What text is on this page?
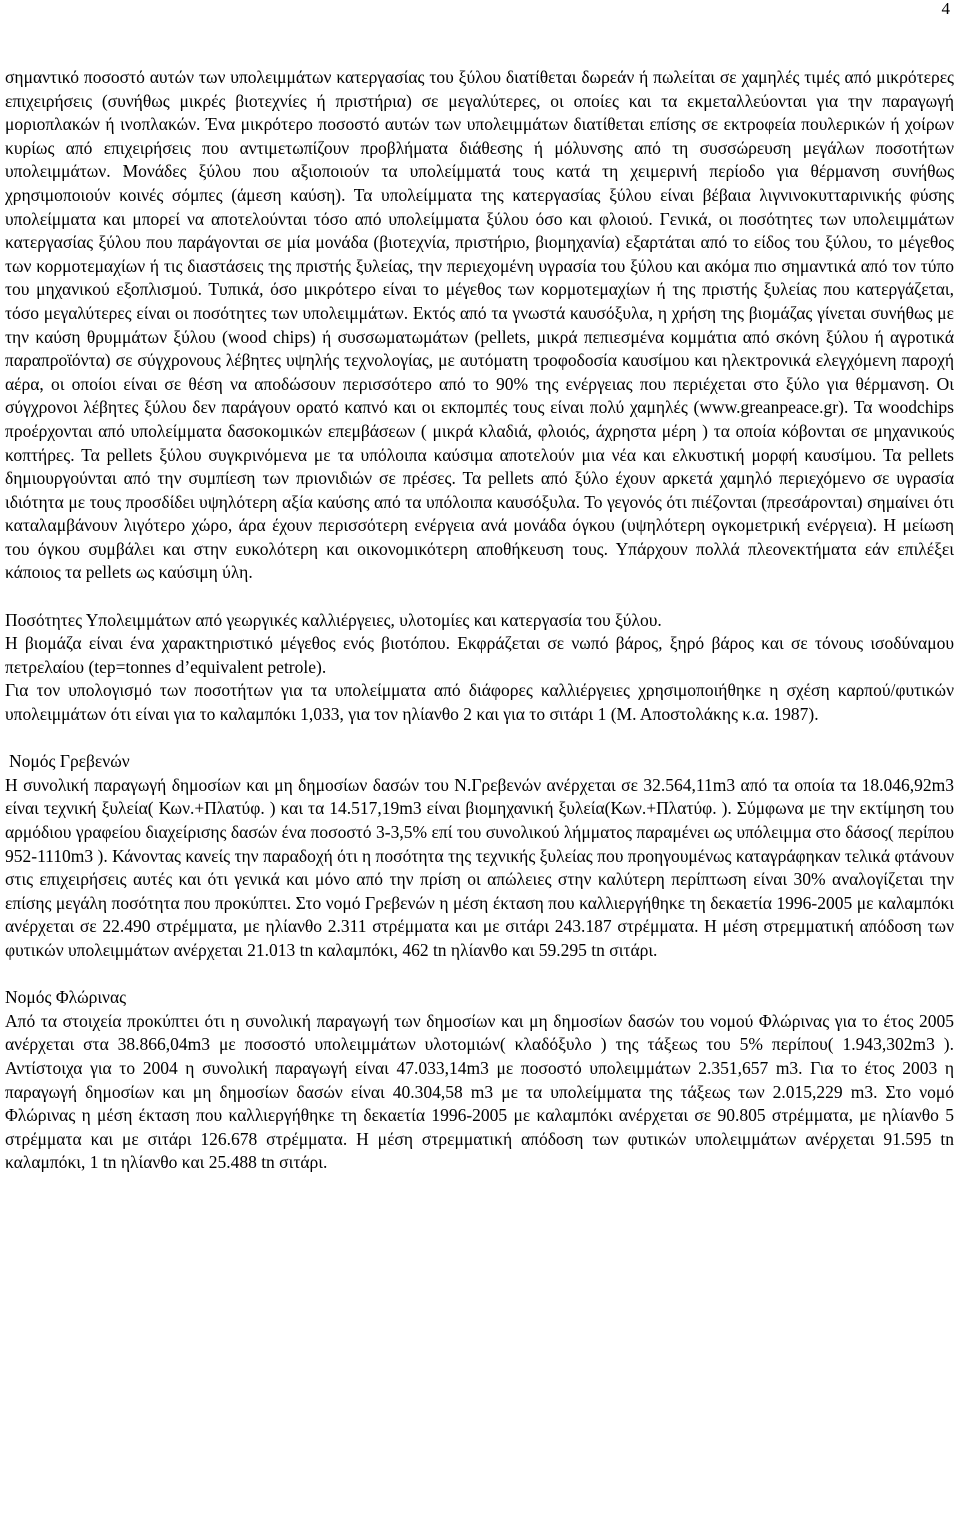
4

σημαντικό ποσοστό αυτών των υπολειμμάτων κατεργασίας του ξύλου διατίθεται δωρεάν ή πωλείται σε χαμηλές τιμές από μικρότερες επιχειρήσεις (συνήθως μικρές βιοτεχνίες ή πριστήρια) σε μεγαλύτερες, οι οποίες και τα εκμεταλλεύονται για την παραγωγή μοριοπλακών ή ινοπλακών. Ένα μικρότερο ποσοστό αυτών των υπολειμμάτων διατίθεται επίσης σε εκτροφεία πουλερικών ή χοίρων κυρίως από επιχειρήσεις που αντιμετωπίζουν προβλήματα διάθεσης ή μόλυνσης από τη συσσώρευση μεγάλων ποσοτήτων υπολειμμάτων. Μονάδες ξύλου που αξιοποιούν τα υπολείμματά τους κατά τη χειμερινή περίοδο για θέρμανση συνήθως χρησιμοποιούν κοινές σόμπες (άμεση καύση). Τα υπολείμματα της κατεργασίας ξύλου είναι βέβαια λιγνινοκυτταρινικής φύσης υπολείμματα και μπορεί να αποτελούνται τόσο από υπολείμματα ξύλου όσο και φλοιού. Γενικά, οι ποσότητες των υπολειμμάτων κατεργασίας ξύλου που παράγονται σε μία μονάδα (βιοτεχνία, πριστήριο, βιομηχανία) εξαρτάται από το είδος του ξύλου, το μέγεθος των κορμοτεμαχίων ή τις διαστάσεις της πριστής ξυλείας, την περιεχομένη υγρασία του ξύλου και ακόμα πιο σημαντικά από τον τύπο του μηχανικού εξοπλισμού. Τυπικά, όσο μικρότερο είναι το μέγεθος των κορμοτεμαχίων ή της πριστής ξυλείας που κατεργάζεται, τόσο μεγαλύτερες είναι οι ποσότητες των υπολειμμάτων. Εκτός από τα γνωστά καυσόξυλα, η χρήση της βιομάζας γίνεται συνήθως με την καύση θρυμμάτων ξύλου (wood chips) ή συσσωματωμάτων (pellets, μικρά πεπιεσμένα κομμάτια από σκόνη ξύλου ή αγροτικά παραπροϊόντα) σε σύγχρονους λέβητες υψηλής τεχνολογίας, με αυτόματη τροφοδοσία καυσίμου και ηλεκτρονικά ελεγχόμενη παροχή αέρα, οι οποίοι είναι σε θέση να αποδώσουν περισσότερο από το 90% της ενέργειας που περιέχεται στο ξύλο για θέρμανση. Οι σύγχρονοι λέβητες ξύλου δεν παράγουν ορατό καπνό και οι εκπομπές τους είναι πολύ χαμηλές (www.greanpeace.gr). Τα woodchips προέρχονται από υπολείμματα δασοκομικών επεμβάσεων ( μικρά κλαδιά, φλοιός, άχρηστα μέρη ) τα οποία κόβονται σε μηχανικούς κοπτήρες. Τα pellets ξύλου συγκρινόμενα με τα υπόλοιπα καύσιμα αποτελούν μια νέα και ελκυστική μορφή καυσίμου. Τα pellets δημιουργούνται από την συμπίεση των πριονιδιών σε πρέσες. Τα pellets από ξύλο έχουν αρκετά χαμηλό περιεχόμενο σε υγρασία ιδιότητα με τους προσδίδει υψηλότερη αξία καύσης από τα υπόλοιπα καυσόξυλα. Το γεγονός ότι πιέζονται (πρεσάρονται) σημαίνει ότι καταλαμβάνουν λιγότερο χώρο, άρα έχουν περισσότερη ενέργεια ανά μονάδα όγκου (υψηλότερη ογκομετρική ενέργεια). Η μείωση του όγκου συμβάλει και στην ευκολότερη και οικονομικότερη αποθήκευση τους. Υπάρχουν πολλά πλεονεκτήματα εάν επιλέξει κάποιος τα pellets ως καύσιμη ύλη.

Ποσότητες Υπολειμμάτων από γεωργικές καλλιέργειες, υλοτομίες και κατεργασία του ξύλου.

Η βιομάζα είναι ένα χαρακτηριστικό μέγεθος ενός βιοτόπου. Εκφράζεται σε νωπό βάρος, ξηρό βάρος και σε τόνους ισοδύναμου πετρελαίου (tep=tonnes d’equivalent petrole).

Για τον υπολογισμό των ποσοτήτων για τα υπολείμματα από διάφορες καλλιέργειες χρησιμοποιήθηκε η σχέση καρπού/φυτικών υπολειμμάτων ότι είναι για το καλαμπόκι 1,033, για τον ηλίανθο 2 και για το σιτάρι 1 (Μ. Αποστολάκης κ.α. 1987).

Νομός Γρεβενών

Η συνολική παραγωγή δημοσίων και μη δημοσίων δασών του Ν.Γρεβενών ανέρχεται σε 32.564,11m3 από τα οποία τα 18.046,92m3 είναι τεχνική ξυλεία( Κων.+Πλατύφ. ) και τα 14.517,19m3 είναι βιομηχανική ξυλεία(Κων.+Πλατύφ. ). Σύμφωνα με την εκτίμηση του αρμόδιου γραφείου διαχείρισης δασών ένα ποσοστό 3-3,5% επί του συνολικού λήμματος παραμένει ως υπόλειμμα στο δάσος( περίπου 952-1110m3 ). Κάνοντας κανείς την παραδοχή ότι η ποσότητα της τεχνικής ξυλείας που προηγουμένως καταγράφηκαν τελικά φτάνουν στις επιχειρήσεις αυτές και ότι γενικά και μόνο από την πρίση οι απώλειες στην καλύτερη περίπτωση είναι 30% αναλογίζεται την επίσης μεγάλη ποσότητα που προκύπτει. Στο νομό Γρεβενών η μέση έκταση που καλλιεργήθηκε τη δεκαετία 1996-2005 με καλαμπόκι ανέρχεται σε 22.490 στρέμματα, με ηλίανθο 2.311 στρέμματα και με σιτάρι 243.187 στρέμματα. Η μέση στρεμματική απόδοση των φυτικών υπολειμμάτων ανέρχεται 21.013 tn καλαμπόκι, 462 tn ηλίανθο και 59.295 tn σιτάρι.

Νομός Φλώρινας

Από τα στοιχεία προκύπτει ότι η συνολική παραγωγή των δημοσίων και μη δημοσίων δασών του νομού Φλώρινας για το έτος 2005 ανέρχεται στα 38.866,04m3 με ποσοστό υπολειμμάτων υλοτομιών( κλαδόξυλο ) της τάξεως του 5% περίπου( 1.943,302m3 ). Αντίστοιχα για το 2004 η συνολική παραγωγή είναι 47.033,14m3 με ποσοστό υπολειμμάτων 2.351,657 m3. Για το έτος 2003 η παραγωγή δημοσίων και μη δημοσίων δασών είναι 40.304,58 m3 με τα υπολείμματα της τάξεως των 2.015,229 m3. Στο νομό Φλώρινας η μέση έκταση που καλλιεργήθηκε τη δεκαετία 1996-2005 με καλαμπόκι ανέρχεται σε 90.805 στρέμματα, με ηλίανθο 5 στρέμματα και με σιτάρι 126.678 στρέμματα. Η μέση στρεμματική απόδοση των φυτικών υπολειμμάτων ανέρχεται 91.595 tn καλαμπόκι, 1 tn ηλίανθο και 25.488 tn σιτάρι.
